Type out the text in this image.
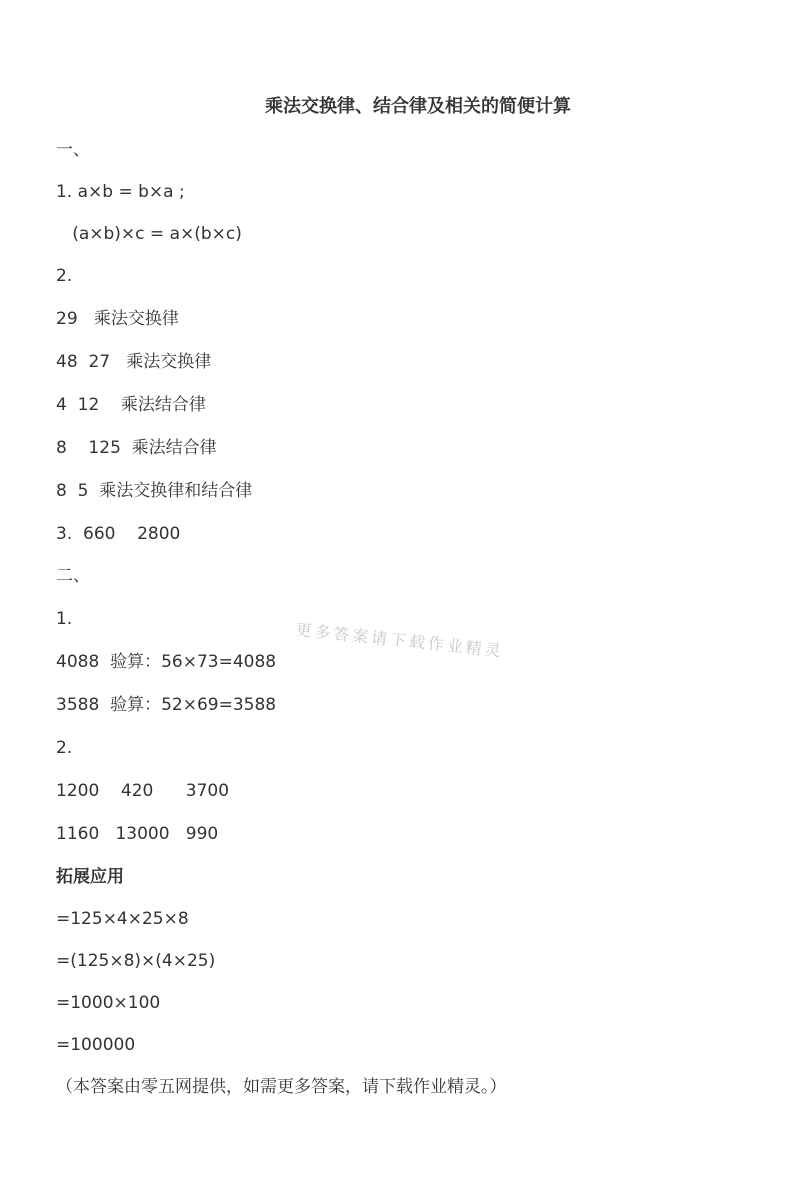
乘法交换律、结合律及相关的简便计算
一、
1. a×b = b×a ;
(a×b)×c = a×(b×c)
2.
29   乘法交换律
48  27   乘法交换律
4  12    乘法结合律
8    125  乘法结合律
8  5  乘法交换律和结合律
3.  660    2800
二、
1.
4088  验算：56×73=4088
3588  验算：52×69=3588
2.
1200    420      3700
1160   13000   990
拓展应用
=125×4×25×8
=(125×8)×(4×25)
=1000×100
=100000
（本答案由零五网提供，如需更多答案，请下载作业精灵。）
更多答案请下载作业精灵
